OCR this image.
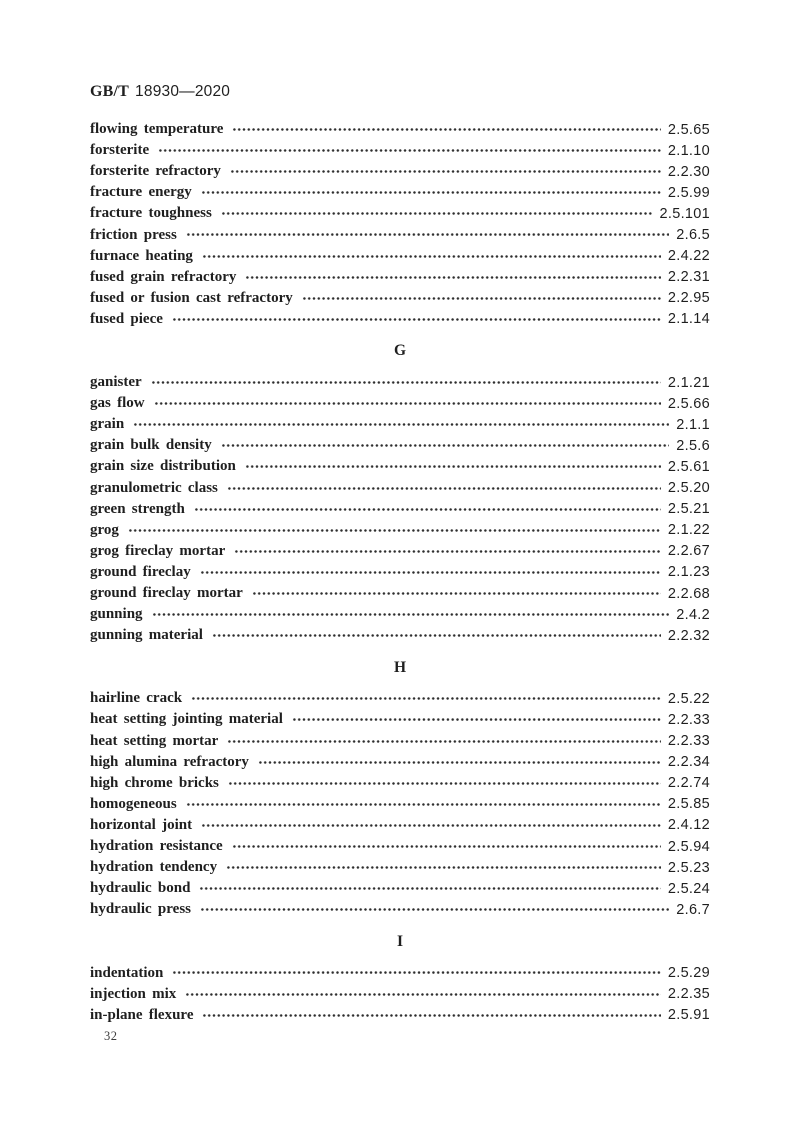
GB/T 18930—2020
flowing temperature	2.5.65
forsterite	2.1.10
forsterite refractory	2.2.30
fracture energy	2.5.99
fracture toughness	2.5.101
friction press	2.6.5
furnace heating	2.4.22
fused grain refractory	2.2.31
fused or fusion cast refractory	2.2.95
fused piece	2.1.14
G
ganister	2.1.21
gas flow	2.5.66
grain	2.1.1
grain bulk density	2.5.6
grain size distribution	2.5.61
granulometric class	2.5.20
green strength	2.5.21
grog	2.1.22
grog fireclay mortar	2.2.67
ground fireclay	2.1.23
ground fireclay mortar	2.2.68
gunning	2.4.2
gunning material	2.2.32
H
hairline crack	2.5.22
heat setting jointing material	2.2.33
heat setting mortar	2.2.33
high alumina refractory	2.2.34
high chrome bricks	2.2.74
homogeneous	2.5.85
horizontal joint	2.4.12
hydration resistance	2.5.94
hydration tendency	2.5.23
hydraulic bond	2.5.24
hydraulic press	2.6.7
I
indentation	2.5.29
injection mix	2.2.35
in-plane flexure	2.5.91
32
